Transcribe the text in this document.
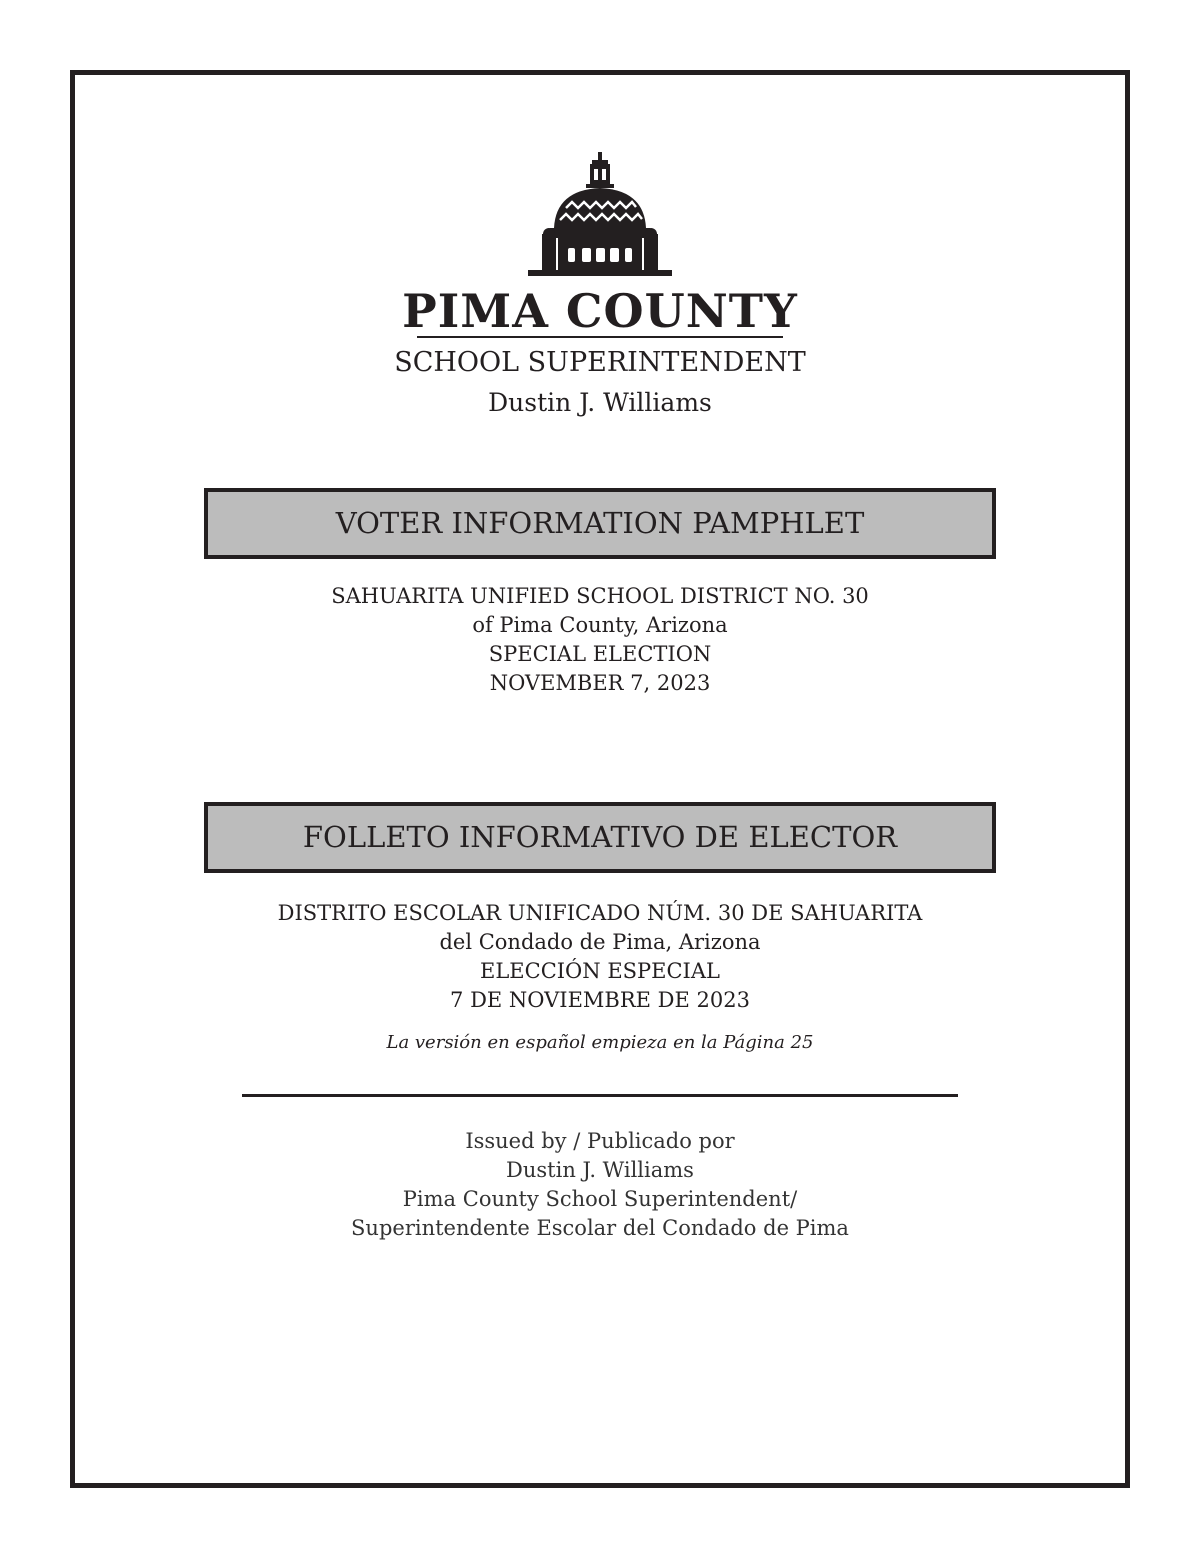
PIMA COUNTY
SCHOOL SUPERINTENDENT
Dustin J. Williams
VOTER INFORMATION PAMPHLET
SAHUARITA UNIFIED SCHOOL DISTRICT NO. 30
of Pima County, Arizona
SPECIAL ELECTION
NOVEMBER 7, 2023
FOLLETO INFORMATIVO DE ELECTOR
DISTRITO ESCOLAR UNIFICADO NÚM. 30 DE SAHUARITA
del Condado de Pima, Arizona
ELECCIÓN ESPECIAL
7 DE NOVIEMBRE DE 2023
La versión en español empieza en la Página 25
Issued by / Publicado por
Dustin J. Williams
Pima County School Superintendent/
Superintendente Escolar del Condado de Pima
